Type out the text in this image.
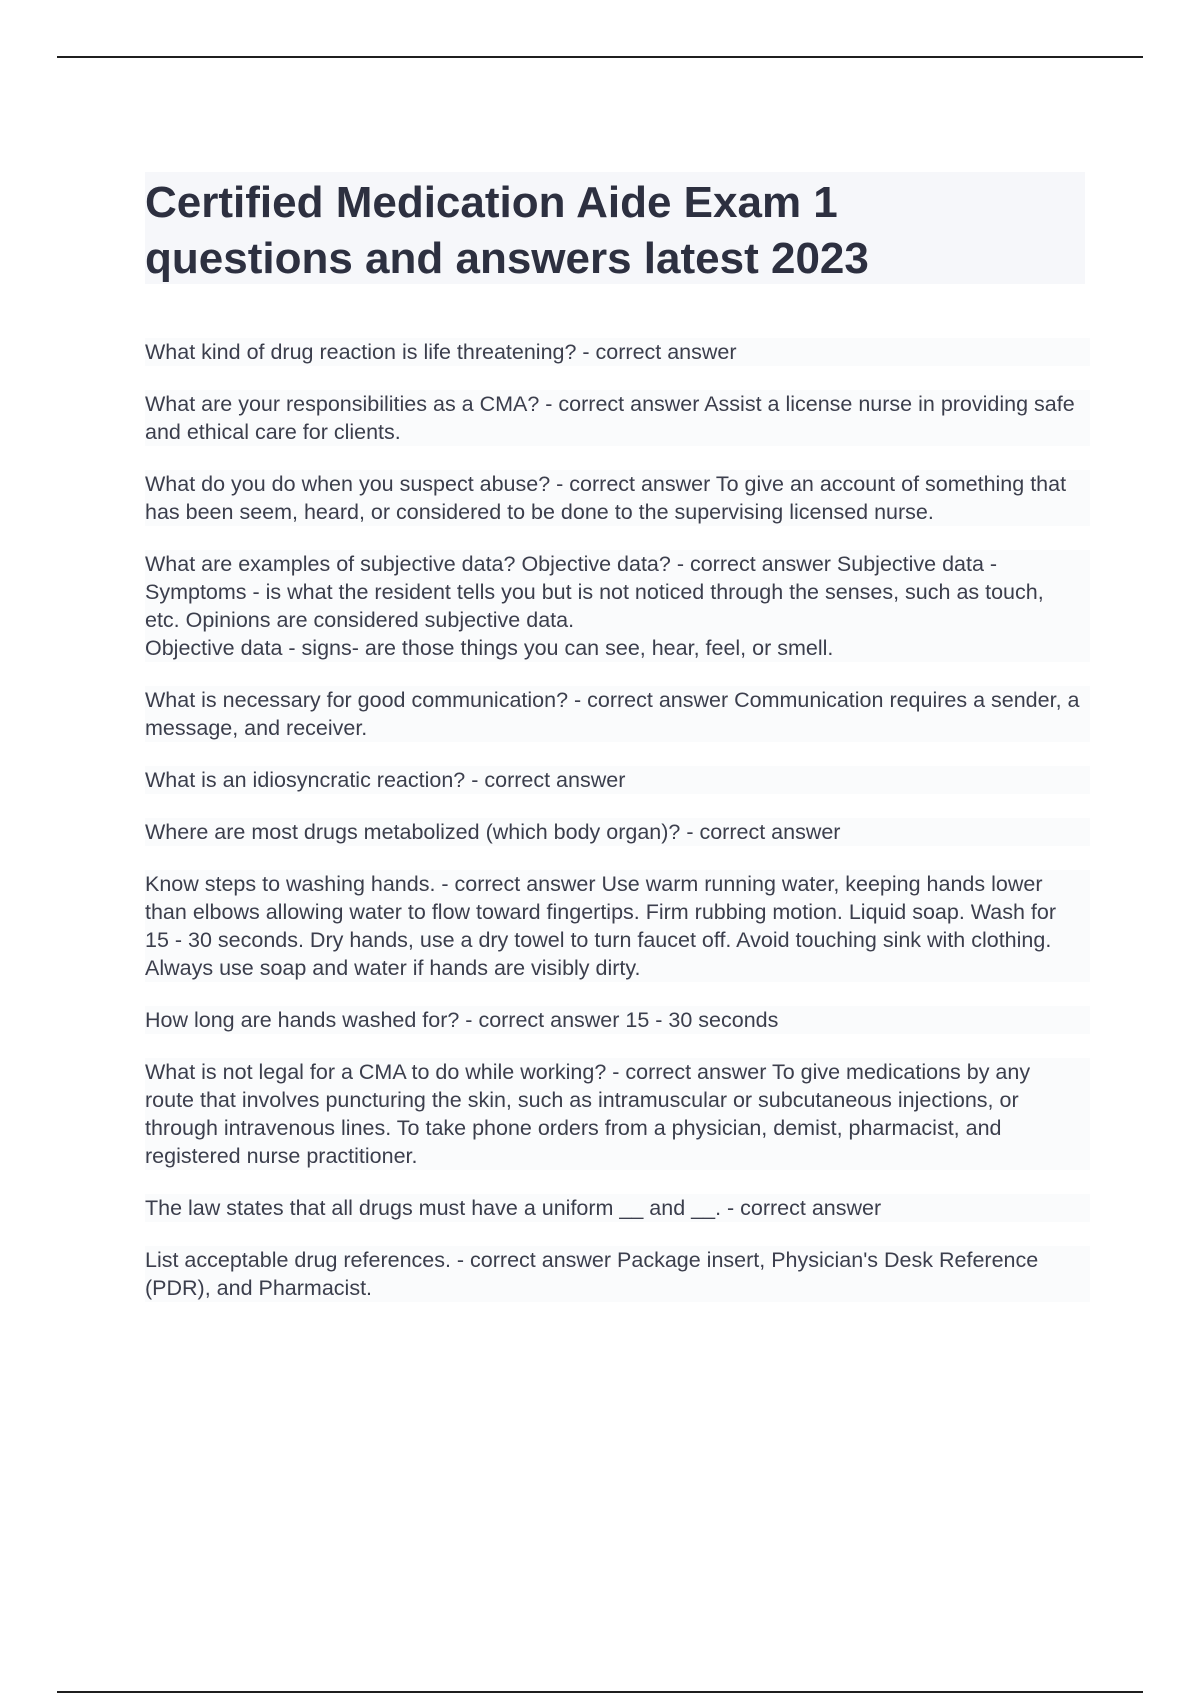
Certified Medication Aide Exam 1
questions and answers latest 2023

What kind of drug reaction is life threatening? - correct answer

What are your responsibilities as a CMA? - correct answer Assist a license nurse in providing safe and ethical care for clients.

What do you do when you suspect abuse? - correct answer To give an account of something that has been seem, heard, or considered to be done to the supervising licensed nurse.

What are examples of subjective data? Objective data? - correct answer Subjective data - Symptoms - is what the resident tells you but is not noticed through the senses, such as touch, etc. Opinions are considered subjective data.
Objective data - signs- are those things you can see, hear, feel, or smell.

What is necessary for good communication? - correct answer Communication requires a sender, a message, and receiver.

What is an idiosyncratic reaction? - correct answer

Where are most drugs metabolized (which body organ)? - correct answer

Know steps to washing hands. - correct answer Use warm running water, keeping hands lower than elbows allowing water to flow toward fingertips. Firm rubbing motion. Liquid soap. Wash for 15 - 30 seconds. Dry hands, use a dry towel to turn faucet off. Avoid touching sink with clothing. Always use soap and water if hands are visibly dirty.

How long are hands washed for? - correct answer 15 - 30 seconds

What is not legal for a CMA to do while working? - correct answer To give medications by any route that involves puncturing the skin, such as intramuscular or subcutaneous injections, or through intravenous lines. To take phone orders from a physician, demist, pharmacist, and registered nurse practitioner.

The law states that all drugs must have a uniform __ and __. - correct answer

List acceptable drug references. - correct answer Package insert, Physician's Desk Reference (PDR), and Pharmacist.
